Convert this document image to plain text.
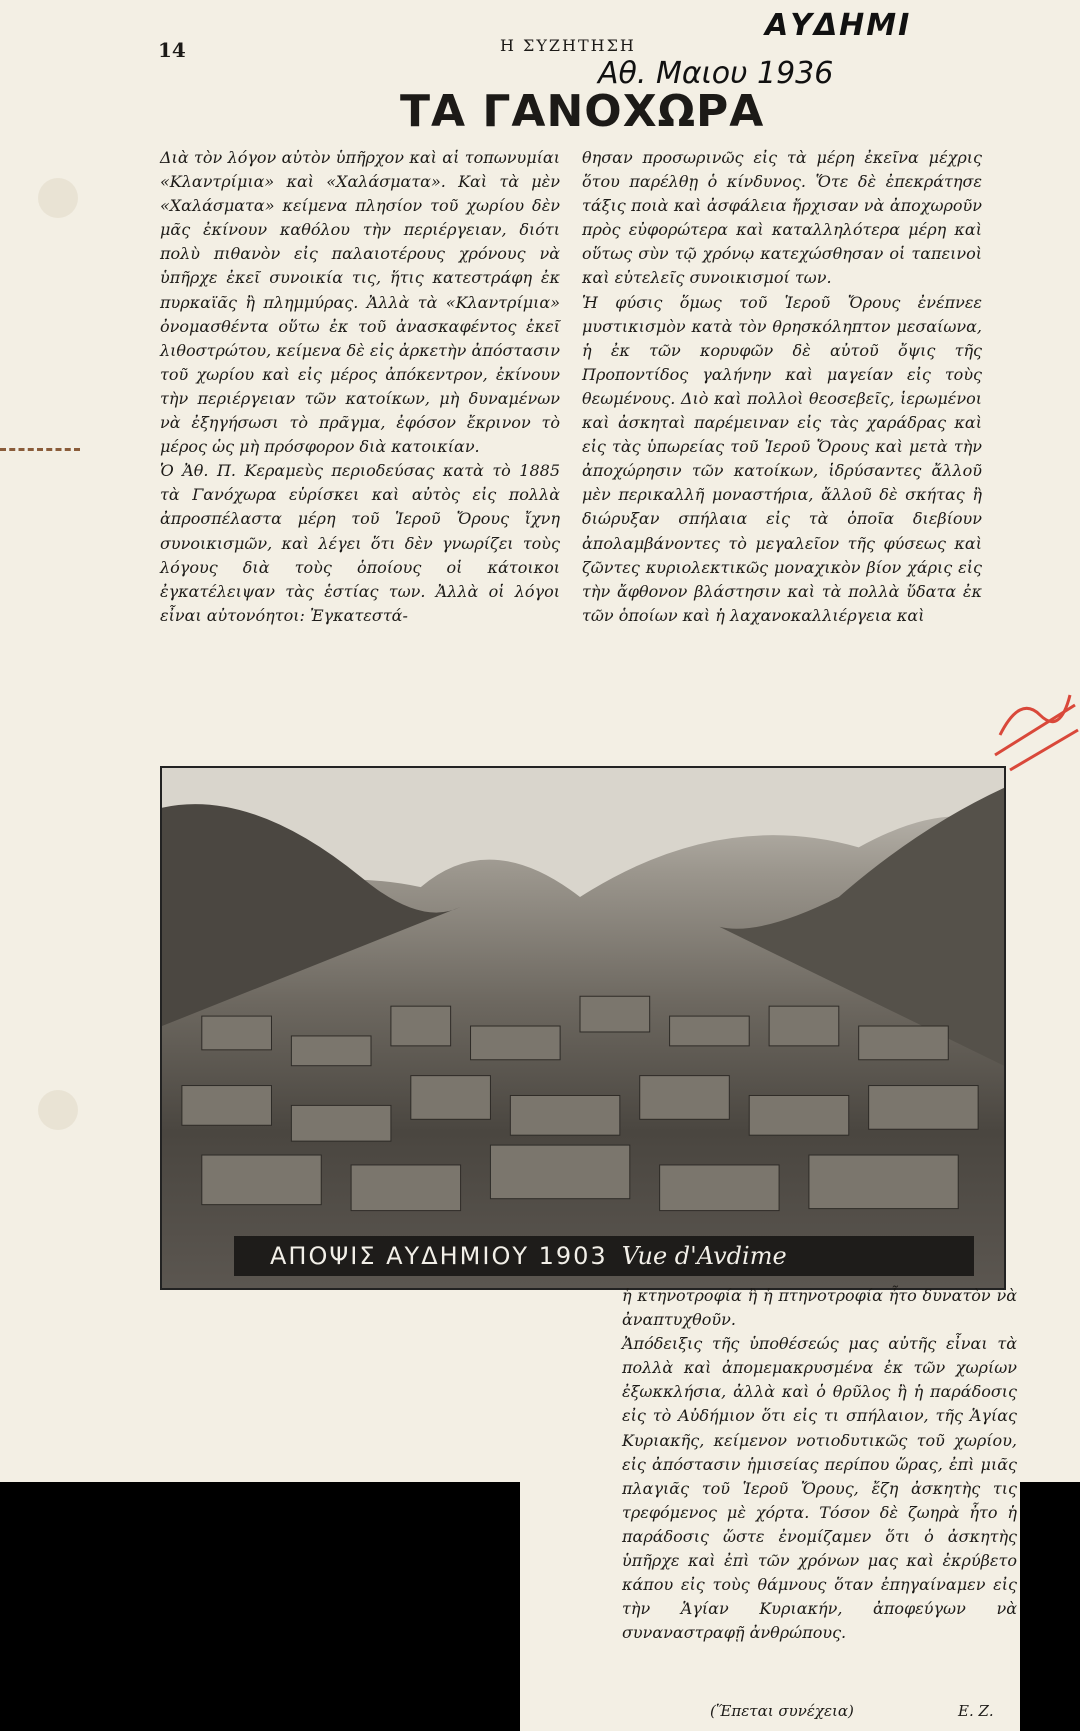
14	Η ΣΥΖΗΤΗΣΗ
ΑΥΔΗΜΙ
Αθ. Μαιου 1936
ΤΑ ΓΑΝΟΧΩΡΑ

Διὰ τὸν λόγον αὐτὸν ὑπῆρχον καὶ αἱ τοπωνυμίαι «Κλαντρίμια» καὶ «Χαλάσματα». Καὶ τὰ μὲν «Χαλάσματα» κείμενα πλησίον τοῦ χωρίου δὲν μᾶς ἐκίνουν καθόλου τὴν περιέργειαν, διότι πολὺ πιθανὸν εἰς παλαιοτέρους χρόνους νὰ ὑπῆρχε ἐκεῖ συνοικία τις, ἥτις κατεστράφη ἐκ πυρκαϊᾶς ἢ πλημμύρας. Ἀλλὰ τὰ «Κλαντρίμια» ὀνομασθέντα οὕτω ἐκ τοῦ ἀνασκαφέντος ἐκεῖ λιθοστρώτου, κείμενα δὲ εἰς ἀρκετὴν ἀπόστασιν τοῦ χωρίου καὶ εἰς μέρος ἀπόκεντρον, ἐκίνουν τὴν περιέργειαν τῶν κατοίκων, μὴ δυναμένων νὰ ἐξηγήσωσι τὸ πρᾶγμα, ἐφόσον ἔκρινον τὸ μέρος ὡς μὴ πρόσφορον διὰ κατοικίαν.

Ὁ Ἀθ. Π. Κεραμεὺς περιοδεύσας κατὰ τὸ 1885 τὰ Γανόχωρα εὑρίσκει καὶ αὐτὸς εἰς πολλὰ ἀπροσπέλαστα μέρη τοῦ Ἱεροῦ Ὄρους ἴχνη συνοικισμῶν, καὶ λέγει ὅτι δὲν γνωρίζει τοὺς λόγους διὰ τοὺς ὁποίους οἱ κάτοικοι ἐγκατέλειψαν τὰς ἑστίας των. Ἀλλὰ οἱ λόγοι εἶναι αὐτονόητοι: Ἐγκατεστά-

θησαν προσωρινῶς εἰς τὰ μέρη ἐκεῖνα μέχρις ὅτου παρέλθῃ ὁ κίνδυνος. Ὅτε δὲ ἐπεκράτησε τάξις ποιὰ καὶ ἀσφάλεια ἤρχισαν νὰ ἀποχωροῦν πρὸς εὐφορώτερα καὶ καταλληλότερα μέρη καὶ οὕτως σὺν τῷ χρόνῳ κατεχώσθησαν οἱ ταπεινοὶ καὶ εὐτελεῖς συνοικισμοί των.

Ἡ φύσις ὅμως τοῦ Ἱεροῦ Ὄρους ἐνέπνεε μυστικισμὸν κατὰ τὸν θρησκόληπτον μεσαίωνα, ἡ ἐκ τῶν κορυφῶν δὲ αὐτοῦ ὄψις τῆς Προποντίδος γαλήνην καὶ μαγείαν εἰς τοὺς θεωμένους. Διὸ καὶ πολλοὶ θεοσεβεῖς, ἱερωμένοι καὶ ἀσκηταὶ παρέμειναν εἰς τὰς χαράδρας καὶ εἰς τὰς ὑπωρείας τοῦ Ἱεροῦ Ὄρους καὶ μετὰ τὴν ἀποχώρησιν τῶν κατοίκων, ἱδρύσαντες ἄλλοῦ μὲν περικαλλῆ μοναστήρια, ἄλλοῦ δὲ σκήτας ἢ διώρυξαν σπήλαια εἰς τὰ ὁποῖα διεβίουν ἀπολαμβάνοντες τὸ μεγαλεῖον τῆς φύσεως καὶ ζῶντες κυριολεκτικῶς μοναχικὸν βίον χάρις εἰς τὴν ἄφθονον βλάστησιν καὶ τὰ πολλὰ ὕδατα ἐκ τῶν ὁποίων καὶ ἡ λαχανοκαλλιέργεια καὶ

ΑΠΟΨΙΣ ΑΥΔΗΜΙΟΥ 1903 Vue d'Avdime

ἡ κτηνοτροφία ἢ ἡ πτηνοτροφία ἦτο δυνατὸν νὰ ἀναπτυχθοῦν.

Ἀπόδειξις τῆς ὑποθέσεώς μας αὐτῆς εἶναι τὰ πολλὰ καὶ ἀπομεμακρυσμένα ἐκ τῶν χωρίων ἐξωκκλήσια, ἀλλὰ καὶ ὁ θρῦλος ἢ ἡ παράδοσις εἰς τὸ Αὐδήμιον ὅτι εἰς τι σπήλαιον, τῆς Ἁγίας Κυριακῆς, κείμενον νοτιοδυτικῶς τοῦ χωρίου, εἰς ἀπόστασιν ἡμισείας περίπου ὥρας, ἐπὶ μιᾶς πλαγιᾶς τοῦ Ἱεροῦ Ὄρους, ἔζη ἀσκητὴς τις τρεφόμενος μὲ χόρτα. Τόσον δὲ ζωηρὰ ἦτο ἡ παράδοσις ὥστε ἐνομίζαμεν ὅτι ὁ ἀσκητὴς ὑπῆρχε καὶ ἐπὶ τῶν χρόνων μας καὶ ἐκρύβετο κάπου εἰς τοὺς θάμνους ὅταν ἐπηγαίναμεν εἰς τὴν Ἁγίαν Κυριακήν, ἀποφεύγων νὰ συναναστραφῇ ἀνθρώπους.

(Ἕπεται συνέχεια)	Ε. Ζ.
